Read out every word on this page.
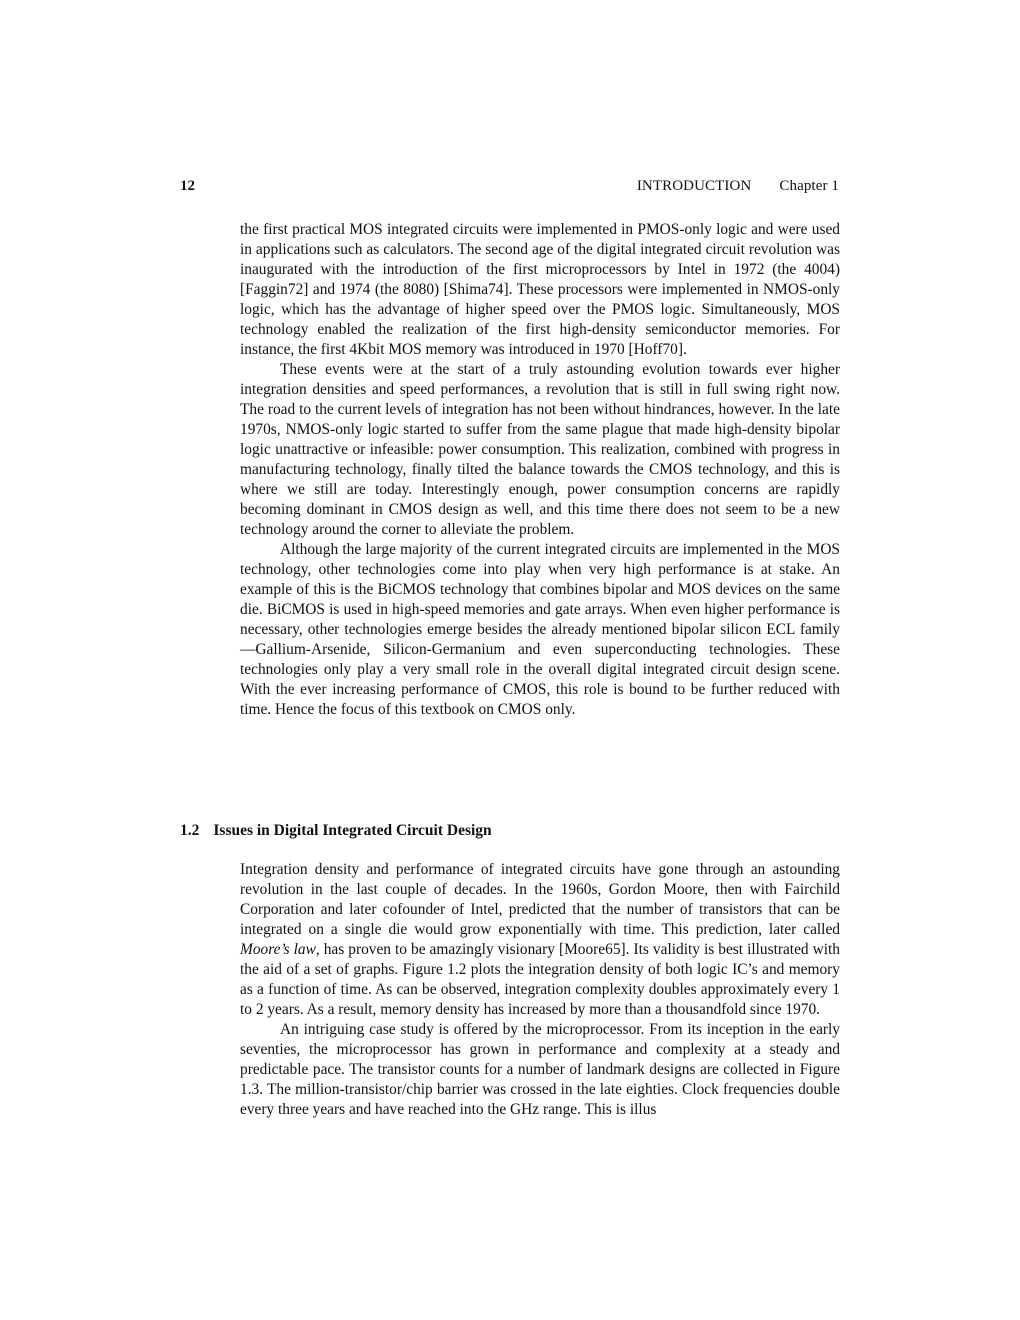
12	INTRODUCTION Chapter 1

the first practical MOS integrated circuits were implemented in PMOS-only logic and were used in applications such as calculators. The second age of the digital integrated circuit revolution was inaugurated with the introduction of the first microprocessors by Intel in 1972 (the 4004) [Faggin72] and 1974 (the 8080) [Shima74]. These processors were implemented in NMOS-only logic, which has the advantage of higher speed over the PMOS logic. Simultaneously, MOS technology enabled the realization of the first high-density semiconductor memories. For instance, the first 4Kbit MOS memory was introduced in 1970 [Hoff70].

These events were at the start of a truly astounding evolution towards ever higher integration densities and speed performances, a revolution that is still in full swing right now. The road to the current levels of integration has not been without hindrances, however. In the late 1970s, NMOS-only logic started to suffer from the same plague that made high-density bipolar logic unattractive or infeasible: power consumption. This realization, combined with progress in manufacturing technology, finally tilted the balance towards the CMOS technology, and this is where we still are today. Interestingly enough, power consumption concerns are rapidly becoming dominant in CMOS design as well, and this time there does not seem to be a new technology around the corner to alleviate the problem.

Although the large majority of the current integrated circuits are implemented in the MOS technology, other technologies come into play when very high performance is at stake. An example of this is the BiCMOS technology that combines bipolar and MOS devices on the same die. BiCMOS is used in high-speed memories and gate arrays. When even higher performance is necessary, other technologies emerge besides the already mentioned bipolar silicon ECL family—Gallium-Arsenide, Silicon-Germanium and even superconducting technologies. These technologies only play a very small role in the overall digital integrated circuit design scene. With the ever increasing performance of CMOS, this role is bound to be further reduced with time. Hence the focus of this textbook on CMOS only.

1.2 Issues in Digital Integrated Circuit Design

Integration density and performance of integrated circuits have gone through an astounding revolution in the last couple of decades. In the 1960s, Gordon Moore, then with Fairchild Corporation and later cofounder of Intel, predicted that the number of transistors that can be integrated on a single die would grow exponentially with time. This prediction, later called Moore’s law, has proven to be amazingly visionary [Moore65]. Its validity is best illustrated with the aid of a set of graphs. Figure 1.2 plots the integration density of both logic IC’s and memory as a function of time. As can be observed, integration complexity doubles approximately every 1 to 2 years. As a result, memory density has increased by more than a thousandfold since 1970.

An intriguing case study is offered by the microprocessor. From its inception in the early seventies, the microprocessor has grown in performance and complexity at a steady and predictable pace. The transistor counts for a number of landmark designs are collected in Figure 1.3. The million-transistor/chip barrier was crossed in the late eighties. Clock frequencies double every three years and have reached into the GHz range. This is illus
